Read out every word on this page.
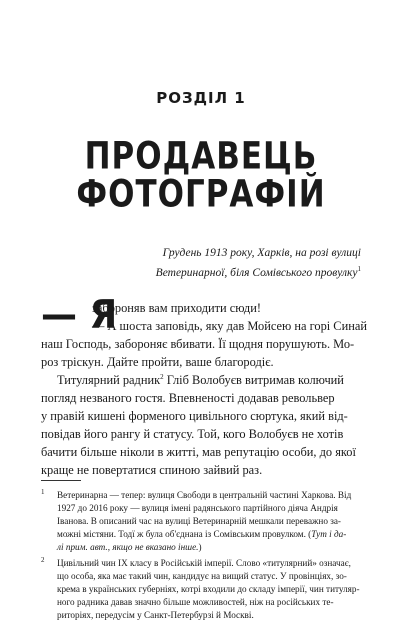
РОЗДІЛ 1
ПРОДАВЕЦЬ
ФОТОГРАФІЙ
Грудень 1913 року, Харків, на розі вулиці
Ветеринарної, біля Сомівського провулку$^1$
— Я
забороняв вам приходити сюди!
— А шоста заповідь, яку дав Мойсею на горі Синай
наш Господь, забороняє вбивати. Її щодня порушують. Мо-
роз тріскун. Дайте пройти, ваше благородіє.
Титулярний радник$^2$ Гліб Волобуєв витримав колючий
погляд незваного гостя. Впевненості додавав револьвер
у правій кишені форменого цивільного сюртука, який від-
повідав його рангу й статусу. Той, кого Волобуєв не хотів
бачити більше ніколи в житті, мав репутацію особи, до якої
краще не повертатися спиною зайвий раз.
1 Ветеринарна — тепер: вулиця Свободи в центральній частині Харкова. Від
1927 до 2016 року — вулиця імені радянського партійного діяча Андрія
Іванова. В описаний час на вулиці Ветеринарній мешкали переважно за-
можні містяни. Тодї ж була об'єднана із Сомівським провулком. (Тут і да-
лі прим. авт., якщо не вказано інше.)
2 Цивільний чин IX класу в Російській імперії. Слово «титулярний» означає,
що особа, яка має такий чин, кандидує на вищий статус. У провінціях, зо-
крема в українських губерніях, котрі входили до складу імперії, чин титуляр-
ного радника давав значно більше можливостей, ніж на російських те-
риторіях, передусім у Санкт-Петербурзі й Москві.
